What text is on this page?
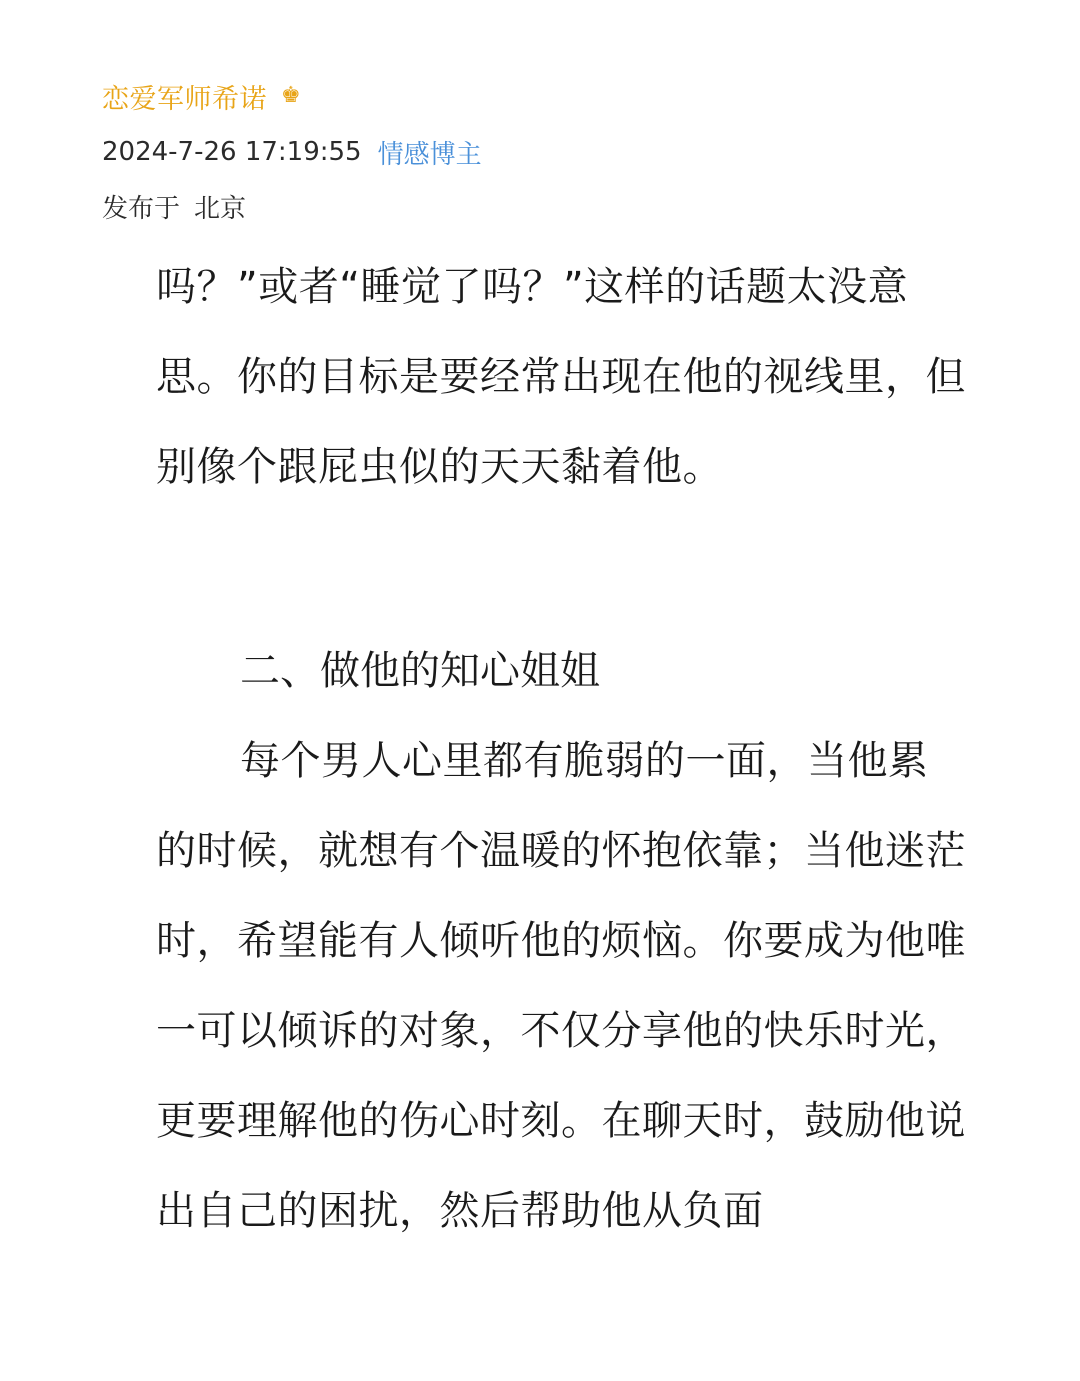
恋爱军师希诺 ♚
2024-7-26 17:19:55 情感博主
发布于 北京

吗？”或者“睡觉了吗？”这样的话题太没意思。你的目标是要经常出现在他的视线里，但别像个跟屁虫似的天天黏着他。

二、做他的知心姐姐

每个男人心里都有脆弱的一面，当他累的时候，就想有个温暖的怀抱依靠；当他迷茫时，希望能有人倾听他的烦恼。你要成为他唯一可以倾诉的对象，不仅分享他的快乐时光，更要理解他的伤心时刻。在聊天时，鼓励他说出自己的困扰，然后帮助他从负面
